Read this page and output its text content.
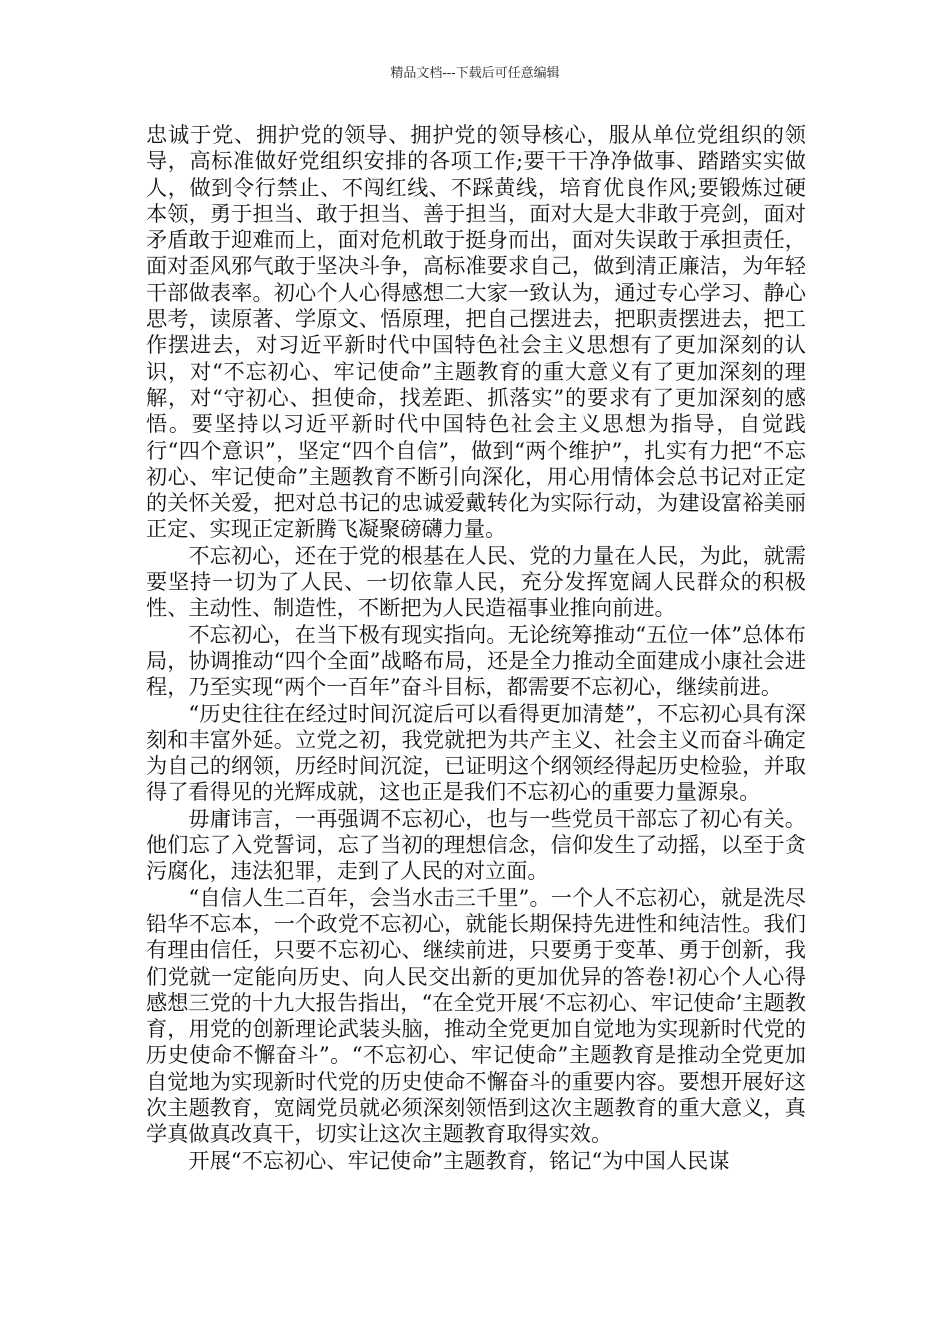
精品文档---下载后可任意编辑

忠诚于党、拥护党的领导、拥护党的领导核心，服从单位党组织的领导，高标准做好党组织安排的各项工作;要干干净净做事、踏踏实实做人，做到令行禁止、不闯红线、不踩黄线，培育优良作风;要锻炼过硬本领，勇于担当、敢于担当、善于担当，面对大是大非敢于亮剑，面对矛盾敢于迎难而上，面对危机敢于挺身而出，面对失误敢于承担责任，面对歪风邪气敢于坚决斗争，高标准要求自己，做到清正廉洁，为年轻干部做表率。初心个人心得感想二大家一致认为，通过专心学习、静心思考，读原著、学原文、悟原理，把自己摆进去，把职责摆进去，把工作摆进去，对习近平新时代中国特色社会主义思想有了更加深刻的认识，对“不忘初心、牢记使命”主题教育的重大意义有了更加深刻的理解，对“守初心、担使命，找差距、抓落实”的要求有了更加深刻的感悟。要坚持以习近平新时代中国特色社会主义思想为指导，自觉践行“四个意识”，坚定“四个自信”，做到“两个维护”，扎实有力把“不忘初心、牢记使命”主题教育不断引向深化，用心用情体会总书记对正定的关怀关爱，把对总书记的忠诚爱戴转化为实际行动，为建设富裕美丽正定、实现正定新腾飞凝聚磅礴力量。

不忘初心，还在于党的根基在人民、党的力量在人民，为此，就需要坚持一切为了人民、一切依靠人民，充分发挥宽阔人民群众的积极性、主动性、制造性，不断把为人民造福事业推向前进。

不忘初心，在当下极有现实指向。无论统筹推动“五位一体”总体布局，协调推动“四个全面”战略布局，还是全力推动全面建成小康社会进程，乃至实现“两个一百年”奋斗目标，都需要不忘初心，继续前进。

“历史往往在经过时间沉淀后可以看得更加清楚”，不忘初心具有深刻和丰富外延。立党之初，我党就把为共产主义、社会主义而奋斗确定为自己的纲领，历经时间沉淀，已证明这个纲领经得起历史检验，并取得了看得见的光辉成就，这也正是我们不忘初心的重要力量源泉。

毋庸讳言，一再强调不忘初心，也与一些党员干部忘了初心有关。他们忘了入党誓词，忘了当初的理想信念，信仰发生了动摇，以至于贪污腐化，违法犯罪，走到了人民的对立面。

“自信人生二百年，会当水击三千里”。一个人不忘初心，就是洗尽铅华不忘本，一个政党不忘初心，就能长期保持先进性和纯洁性。我们有理由信任，只要不忘初心、继续前进，只要勇于变革、勇于创新，我们党就一定能向历史、向人民交出新的更加优异的答卷!初心个人心得感想三党的十九大报告指出，“在全党开展‘不忘初心、牢记使命’主题教育，用党的创新理论武装头脑，推动全党更加自觉地为实现新时代党的历史使命不懈奋斗”。“不忘初心、牢记使命”主题教育是推动全党更加自觉地为实现新时代党的历史使命不懈奋斗的重要内容。要想开展好这次主题教育，宽阔党员就必须深刻领悟到这次主题教育的重大意义，真学真做真改真干，切实让这次主题教育取得实效。

开展“不忘初心、牢记使命”主题教育，铭记“为中国人民谋
